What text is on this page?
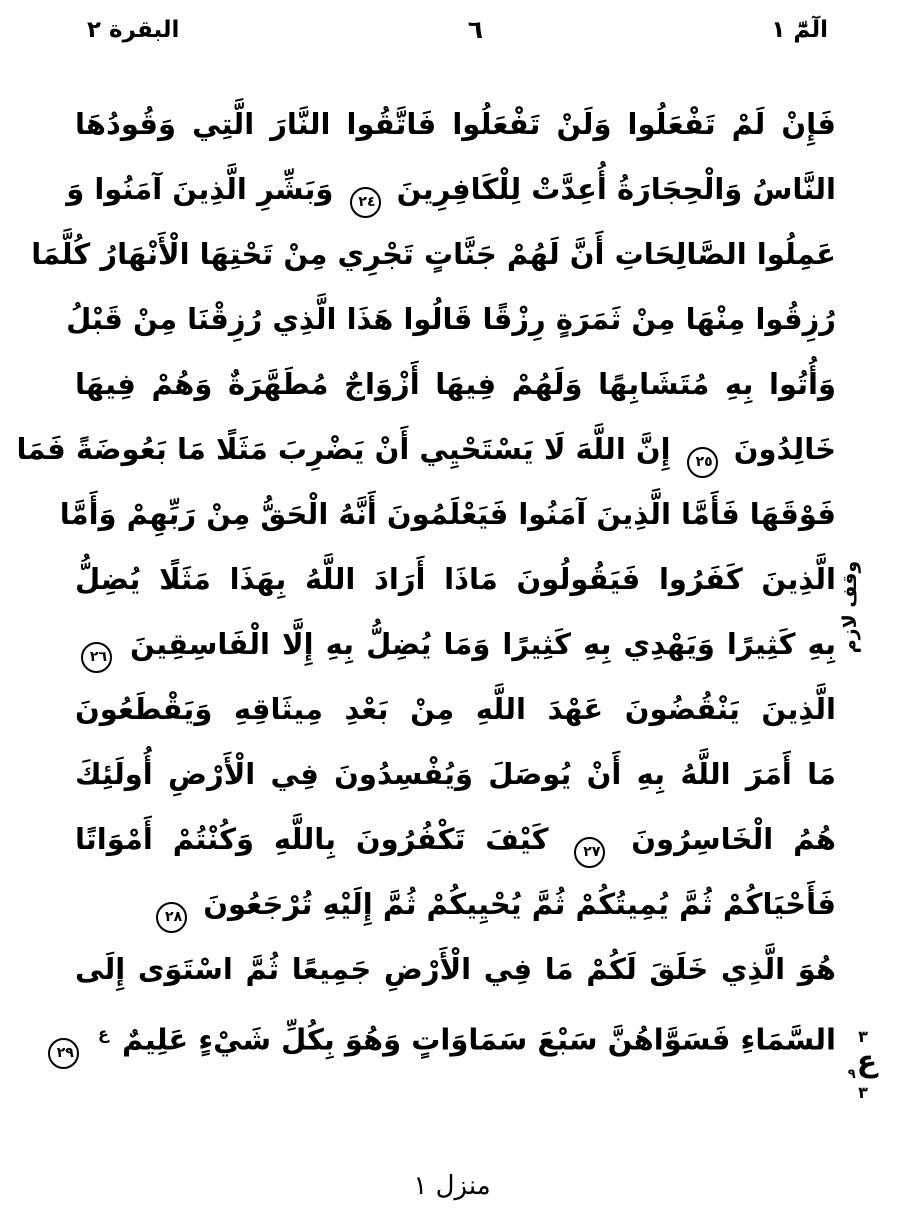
البقرة ٢	٦	الٓمّٓ ١
فَإِنْ لَمْ تَفْعَلُوا وَلَنْ تَفْعَلُوا فَاتَّقُوا النَّارَ الَّتِي وَقُودُهَا
النَّاسُ وَالْحِجَارَةُ أُعِدَّتْ لِلْكَافِرِينَ ٢٤ وَبَشِّرِ الَّذِينَ آمَنُوا وَ
عَمِلُوا الصَّالِحَاتِ أَنَّ لَهُمْ جَنَّاتٍ تَجْرِي مِنْ تَحْتِهَا الْأَنْهَارُ كُلَّمَا
رُزِقُوا مِنْهَا مِنْ ثَمَرَةٍ رِزْقًا قَالُوا هَذَا الَّذِي رُزِقْنَا مِنْ قَبْلُ
وَأُتُوا بِهِ مُتَشَابِهًا وَلَهُمْ فِيهَا أَزْوَاجٌ مُطَهَّرَةٌ وَهُمْ فِيهَا
خَالِدُونَ ٢٥ إِنَّ اللَّهَ لَا يَسْتَحْيِي أَنْ يَضْرِبَ مَثَلًا مَا بَعُوضَةً فَمَا
فَوْقَهَا فَأَمَّا الَّذِينَ آمَنُوا فَيَعْلَمُونَ أَنَّهُ الْحَقُّ مِنْ رَبِّهِمْ وَأَمَّا
الَّذِينَ كَفَرُوا فَيَقُولُونَ مَاذَا أَرَادَ اللَّهُ بِهَذَا مَثَلًا يُضِلُّ
بِهِ كَثِيرًا وَيَهْدِي بِهِ كَثِيرًا وَمَا يُضِلُّ بِهِ إِلَّا الْفَاسِقِينَ ٢٦
الَّذِينَ يَنْقُضُونَ عَهْدَ اللَّهِ مِنْ بَعْدِ مِيثَاقِهِ وَيَقْطَعُونَ
مَا أَمَرَ اللَّهُ بِهِ أَنْ يُوصَلَ وَيُفْسِدُونَ فِي الْأَرْضِ أُولَئِكَ
هُمُ الْخَاسِرُونَ ٢٧ كَيْفَ تَكْفُرُونَ بِاللَّهِ وَكُنْتُمْ أَمْوَاتًا
فَأَحْيَاكُمْ ثُمَّ يُمِيتُكُمْ ثُمَّ يُحْيِيكُمْ ثُمَّ إِلَيْهِ تُرْجَعُونَ ٢٨
هُوَ الَّذِي خَلَقَ لَكُمْ مَا فِي الْأَرْضِ جَمِيعًا ثُمَّ اسْتَوَى إِلَى
السَّمَاءِ فَسَوَّاهُنَّ سَبْعَ سَمَاوَاتٍ وَهُوَ بِكُلِّ شَيْءٍ عَلِيمٌ $^ع$ ٢٩
وقف لازم
٣
ع$_٩$
٣
منزل ١
